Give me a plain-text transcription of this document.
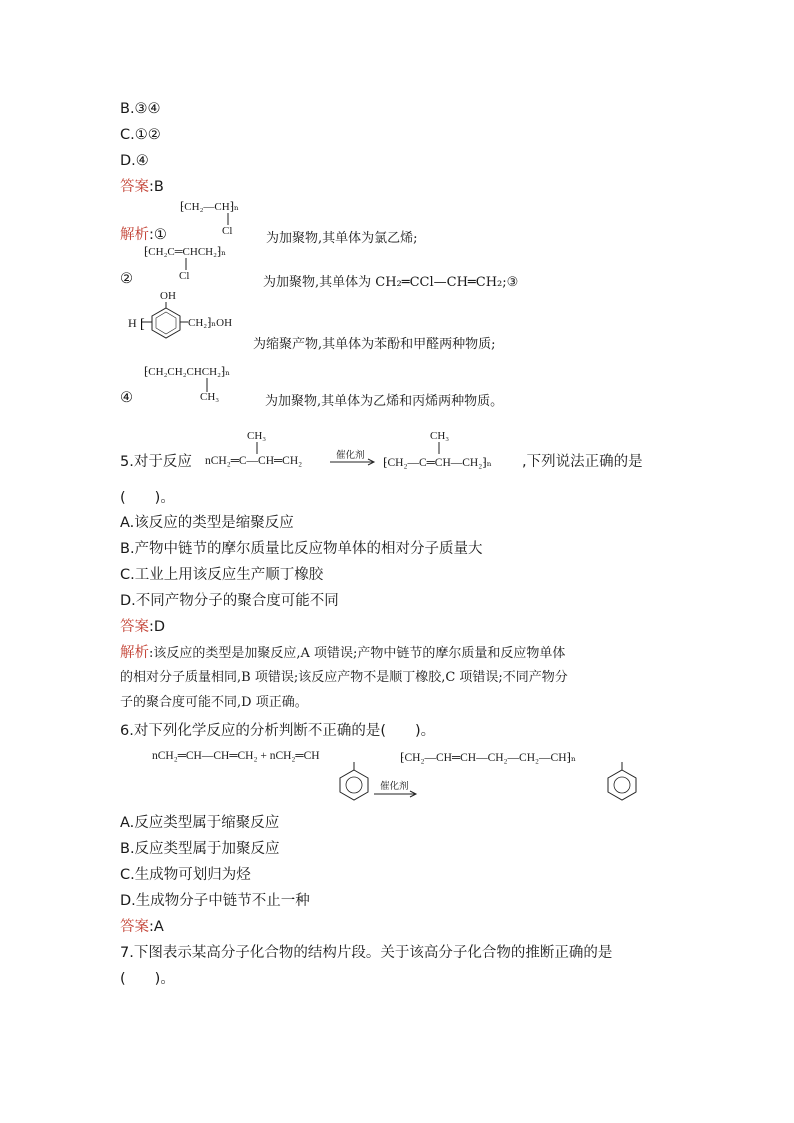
B.③④
C.①②
D.④
答案:B
⁅CH₂—CH⁆ₙ
Cl
解析:①	为加聚物,其单体为氯乙烯;
⁅CH₂C═CHCH₂⁆ₙ
Cl
②	为加聚物,其单体为 CH₂═CCl—CH═CH₂;③
OH
H [	CH₂⁆ₙOH
为缩聚产物,其单体为苯酚和甲醛两种物质;
⁅CH₂CH₂CHCH₂⁆ₙ
CH₃
④	为加聚物,其单体为乙烯和丙烯两种物质。
CH₃
5.对于反应 nCH₂═C—CH═CH₂	催化剂
CH₃
⁅CH₂—C═CH—CH₂⁆ₙ ,下列说法正确的是
(　　)。
A.该反应的类型是缩聚反应
B.产物中链节的摩尔质量比反应物单体的相对分子质量大
C.工业上用该反应生产顺丁橡胶
D.不同产物分子的聚合度可能不同
答案:D
解析:该反应的类型是加聚反应,A 项错误;产物中链节的摩尔质量和反应物单体
的相对分子质量相同,B 项错误;该反应产物不是顺丁橡胶,C 项错误;不同产物分
子的聚合度可能不同,D 项正确。
6.对下列化学反应的分析判断不正确的是(　　)。
nCH₂═CH—CH═CH₂ + nCH₂═CH
催化剂
⁅CH₂—CH═CH—CH₂—CH₂—CH⁆ₙ
A.反应类型属于缩聚反应
B.反应类型属于加聚反应
C.生成物可划归为烃
D.生成物分子中链节不止一种
答案:A
7.下图表示某高分子化合物的结构片段。关于该高分子化合物的推断正确的是
(　　)。
